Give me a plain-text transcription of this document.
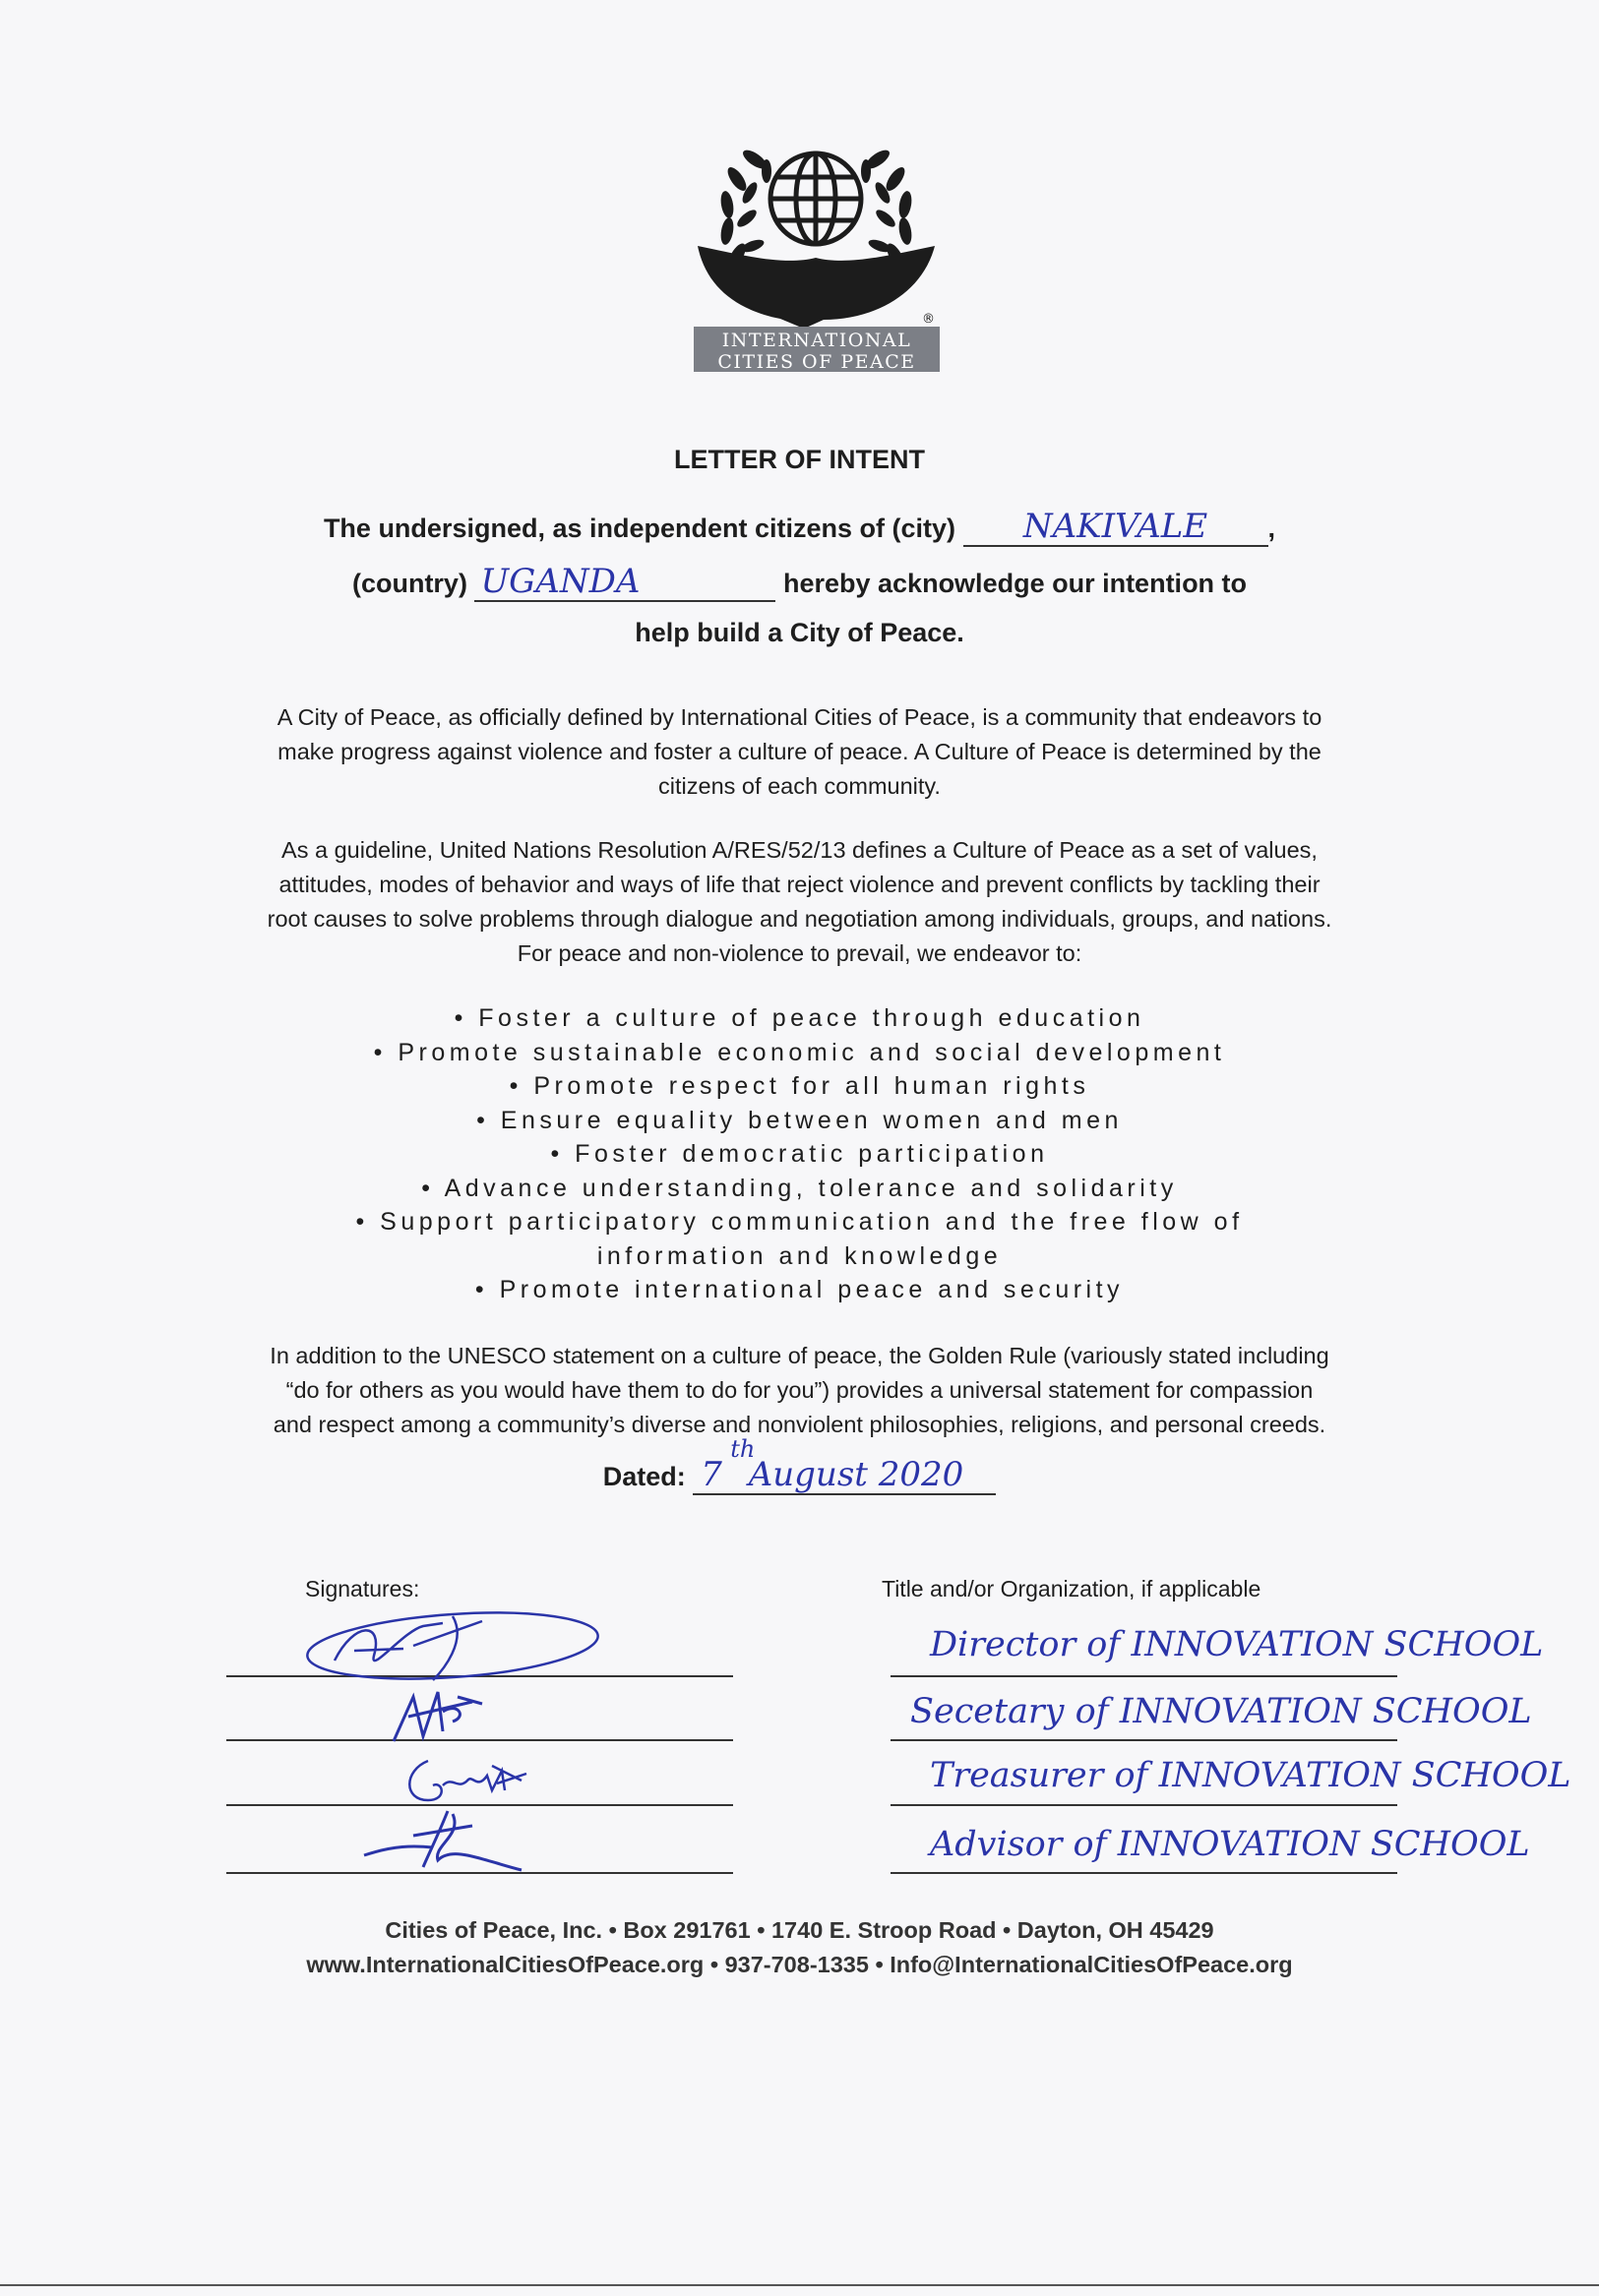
INTERNATIONAL
CITIES OF PEACE
®
LETTER OF INTENT
The undersigned, as independent citizens of (city) NAKIVALE ,
(country) UGANDA	hereby acknowledge our intention to
help build a City of Peace.
A City of Peace, as officially defined by International Cities of Peace, is a community that endeavors to
make progress against violence and foster a culture of peace. A Culture of Peace is determined by the
citizens of each community.
As a guideline, United Nations Resolution A/RES/52/13 defines a Culture of Peace as a set of values,
attitudes, modes of behavior and ways of life that reject violence and prevent conflicts by tackling their
root causes to solve problems through dialogue and negotiation among individuals, groups, and nations.
For peace and non-violence to prevail, we endeavor to:
• Foster a culture of peace through education
• Promote sustainable economic and social development
• Promote respect for all human rights
• Ensure equality between women and men
• Foster democratic participation
• Advance understanding, tolerance and solidarity
• Support participatory communication and the free flow of
information and knowledge
• Promote international peace and security
In addition to the UNESCO statement on a culture of peace, the Golden Rule (variously stated including
“do for others as you would have them to do for you”) provides a universal statement for compassion
and respect among a community’s diverse and nonviolent philosophies, religions, and personal creeds.
Dated: 7
th
August 2020
Signatures:	Title and/or Organization, if applicable
Director of INNOVATION SCHOOL
Secetary of INNOVATION SCHOOL
Treasurer of INNOVATION SCHOOL
Advisor of INNOVATION SCHOOL
Cities of Peace, Inc. • Box 291761 • 1740 E. Stroop Road • Dayton, OH 45429
www.InternationalCitiesOfPeace.org • 937-708-1335 • Info@InternationalCitiesOfPeace.org
